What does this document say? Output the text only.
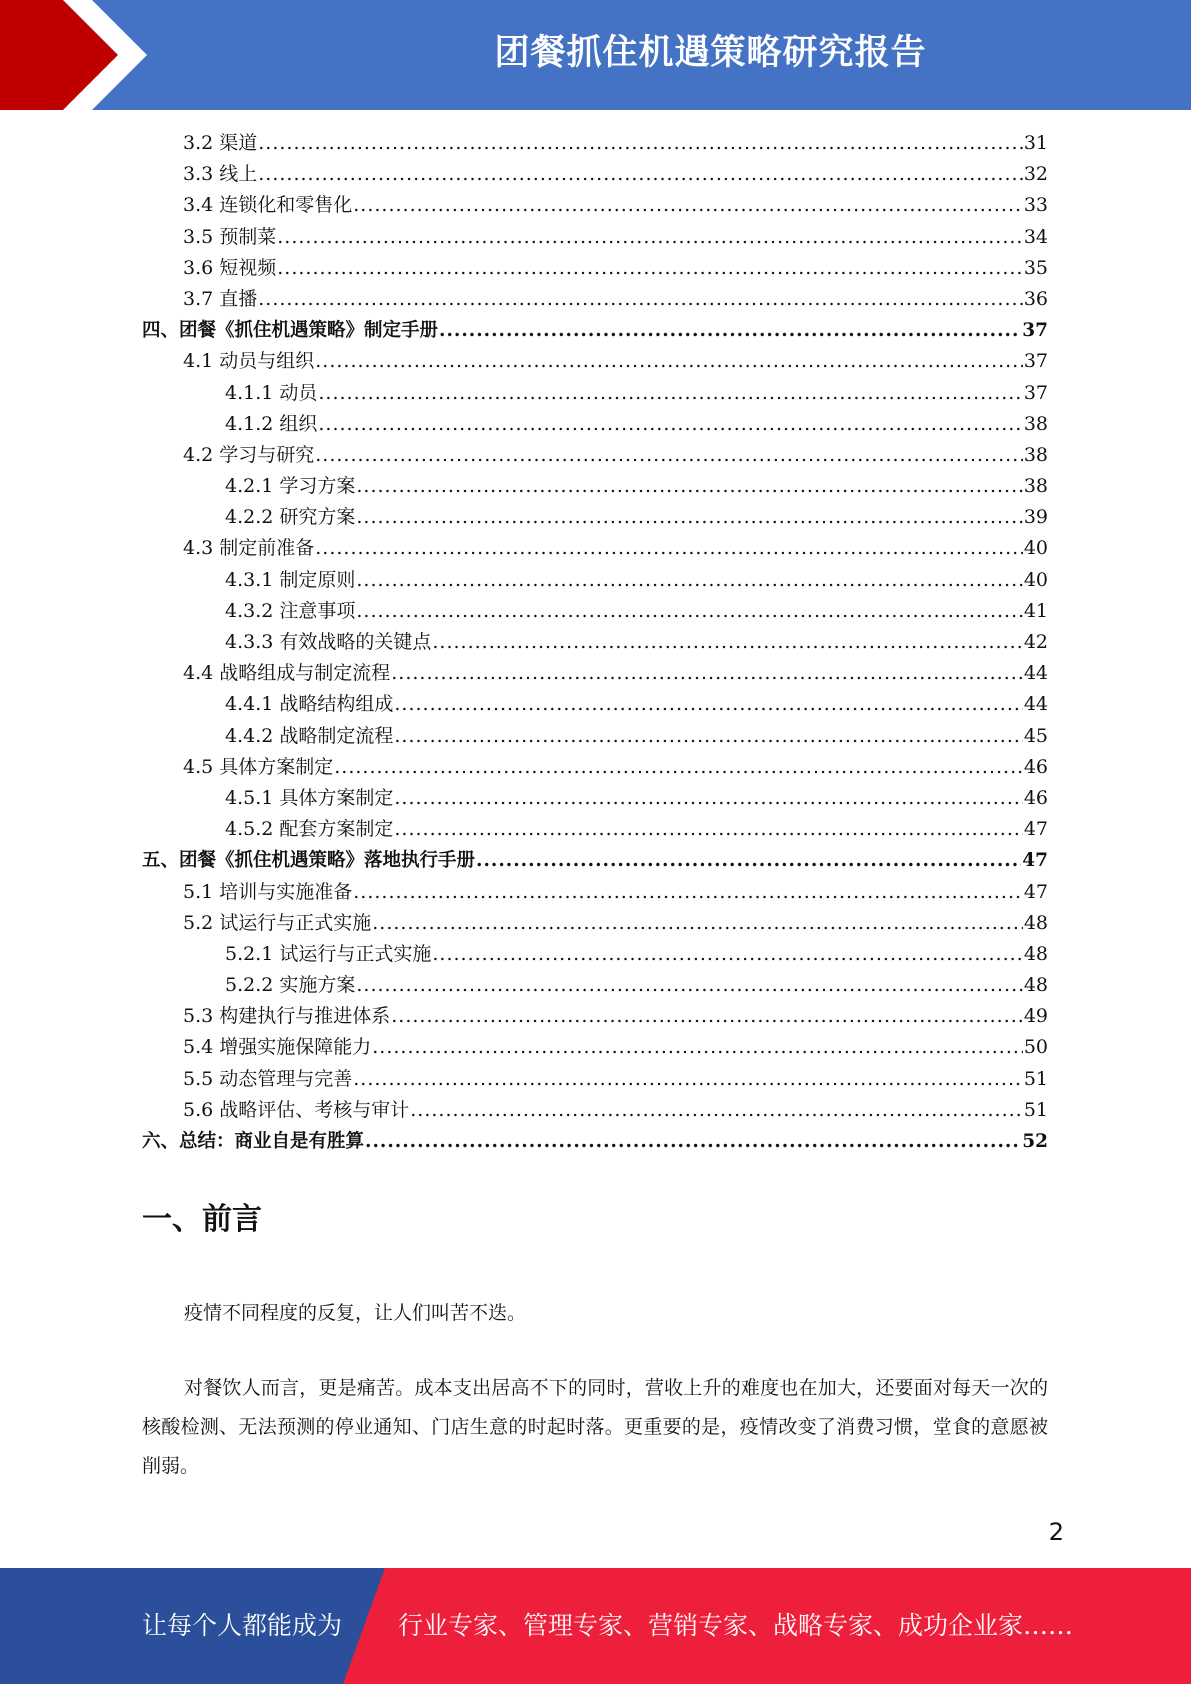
团餐抓住机遇策略研究报告
3.2 渠道 .....	31
3.3 线上 .....	32
3.4 连锁化和零售化 .....	33
3.5 预制菜 .....	34
3.6 短视频 .....	35
3.7 直播 .....	36
四、团餐《抓住机遇策略》制定手册 .....	37
4.1 动员与组织 .....	37
4.1.1 动员 .....	37
4.1.2 组织 .....	38
4.2 学习与研究 .....	38
4.2.1 学习方案 .....	38
4.2.2 研究方案 .....	39
4.3 制定前准备 .....	40
4.3.1 制定原则 .....	40
4.3.2 注意事项 .....	41
4.3.3 有效战略的关键点 .....	42
4.4 战略组成与制定流程 .....	44
4.4.1 战略结构组成 .....	44
4.4.2 战略制定流程 .....	45
4.5 具体方案制定 .....	46
4.5.1 具体方案制定 .....	46
4.5.2 配套方案制定 .....	47
五、团餐《抓住机遇策略》落地执行手册 .....	47
5.1 培训与实施准备 .....	47
5.2 试运行与正式实施 .....	48
5.2.1 试运行与正式实施 .....	48
5.2.2 实施方案 .....	48
5.3 构建执行与推进体系 .....	49
5.4 增强实施保障能力 .....	50
5.5 动态管理与完善 .....	51
5.6 战略评估、考核与审计 .....	51
六、总结：商业自是有胜算 .....	52
一、前言

疫情不同程度的反复，让人们叫苦不迭。

对餐饮人而言，更是痛苦。成本支出居高不下的同时，营收上升的难度也在加大，还要面对每天一次的核酸检测、无法预测的停业通知、门店生意的时起时落。更重要的是，疫情改变了消费习惯，堂食的意愿被削弱。

2
让每个人都能成为 行业专家、管理专家、营销专家、战略专家、成功企业家……
